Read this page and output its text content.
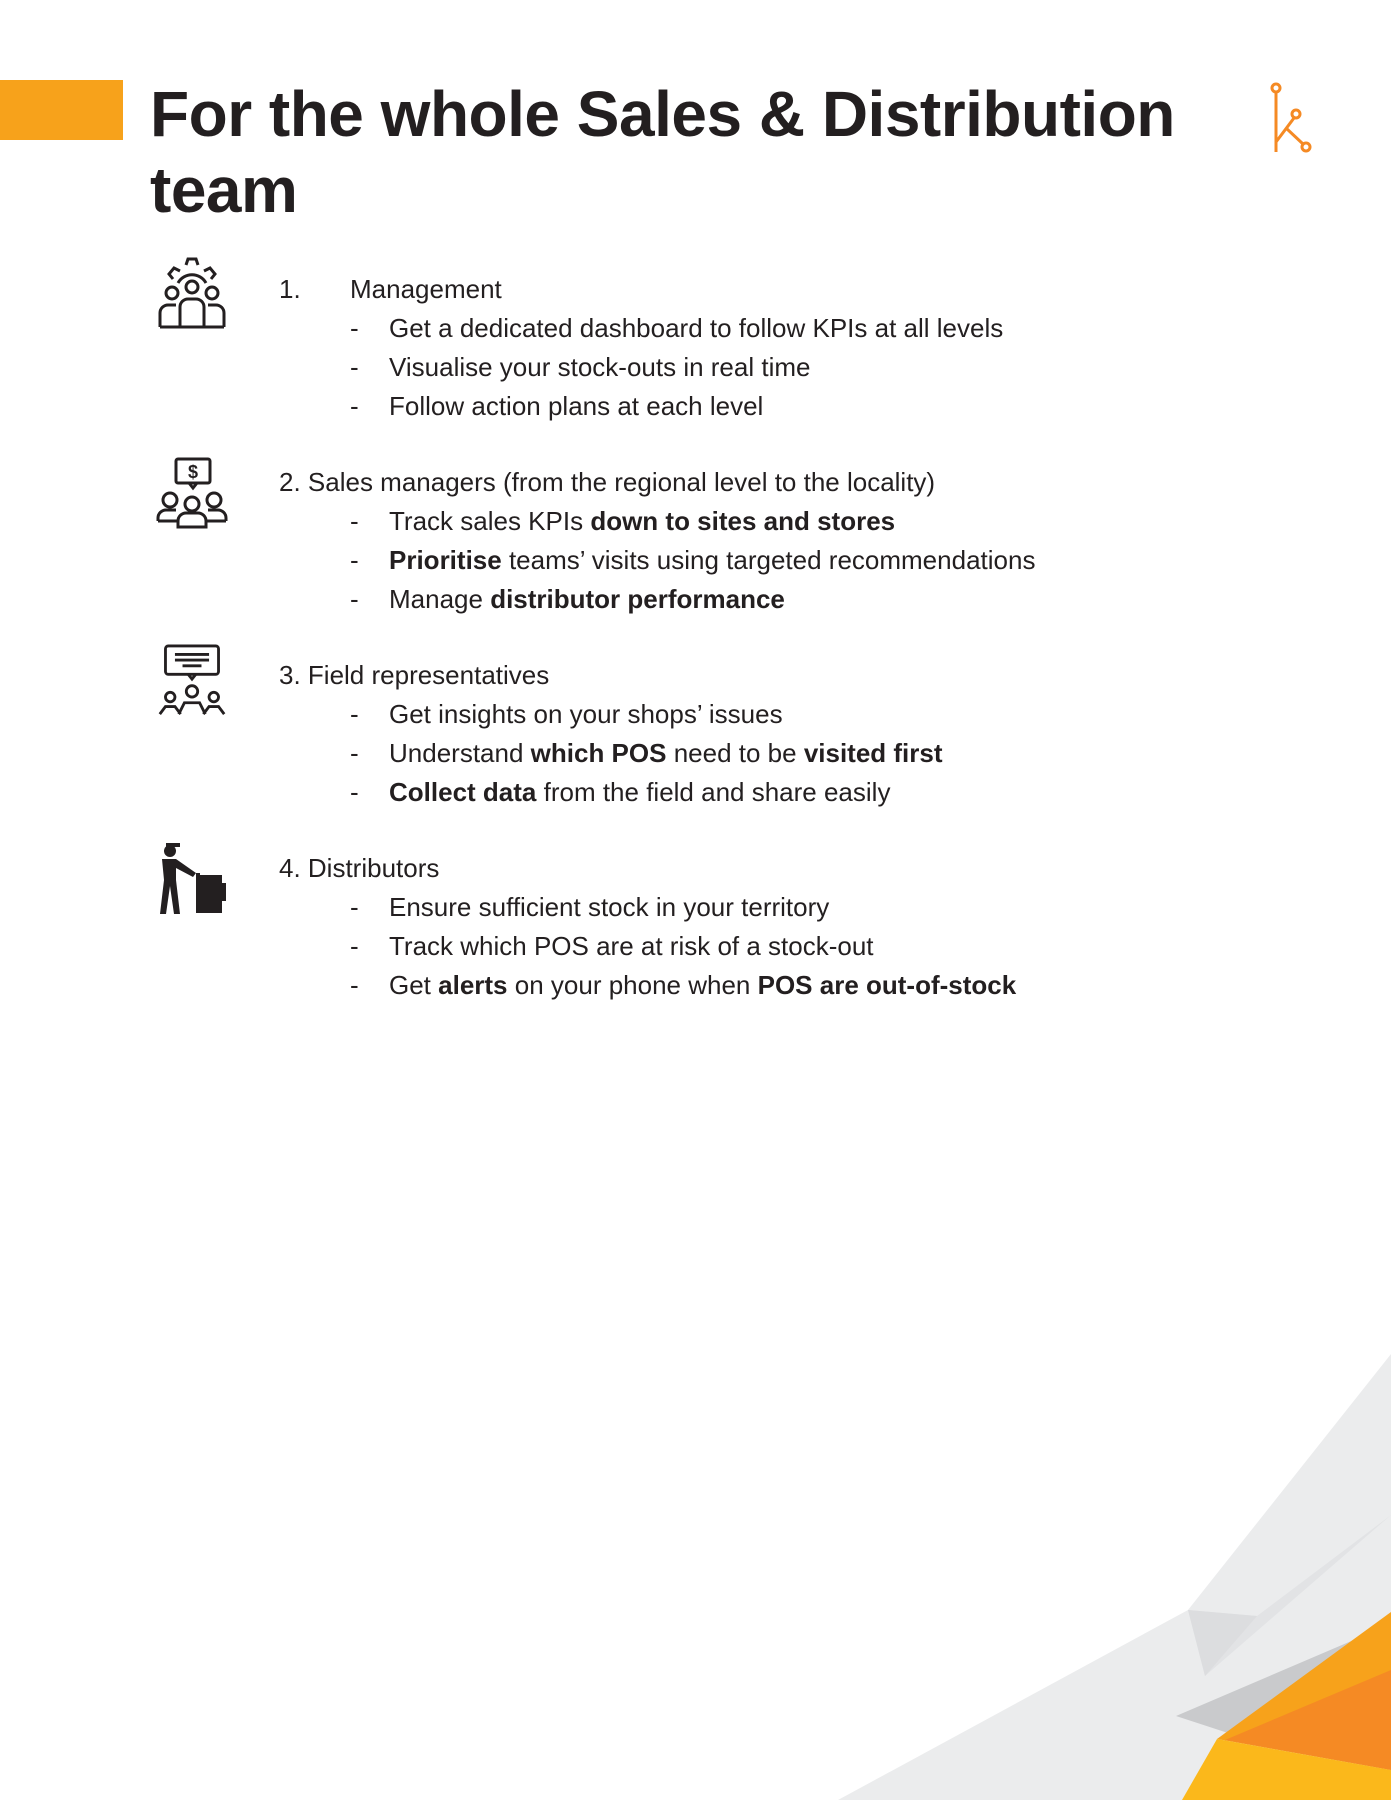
For the whole Sales & Distribution team
1. Management
- Get a dedicated dashboard to follow KPIs at all levels
- Visualise your stock-outs in real time
- Follow action plans at each level
$	2. Sales managers (from the regional level to the locality)
- Track sales KPIs down to sites and stores
- Prioritise teams’ visits using targeted recommendations
- Manage distributor performance
3. Field representatives
- Get insights on your shops’ issues
- Understand which POS need to be visited first
- Collect data from the field and share easily
4. Distributors
- Ensure sufficient stock in your territory
- Track which POS are at risk of a stock-out
- Get alerts on your phone when POS are out-of-stock
